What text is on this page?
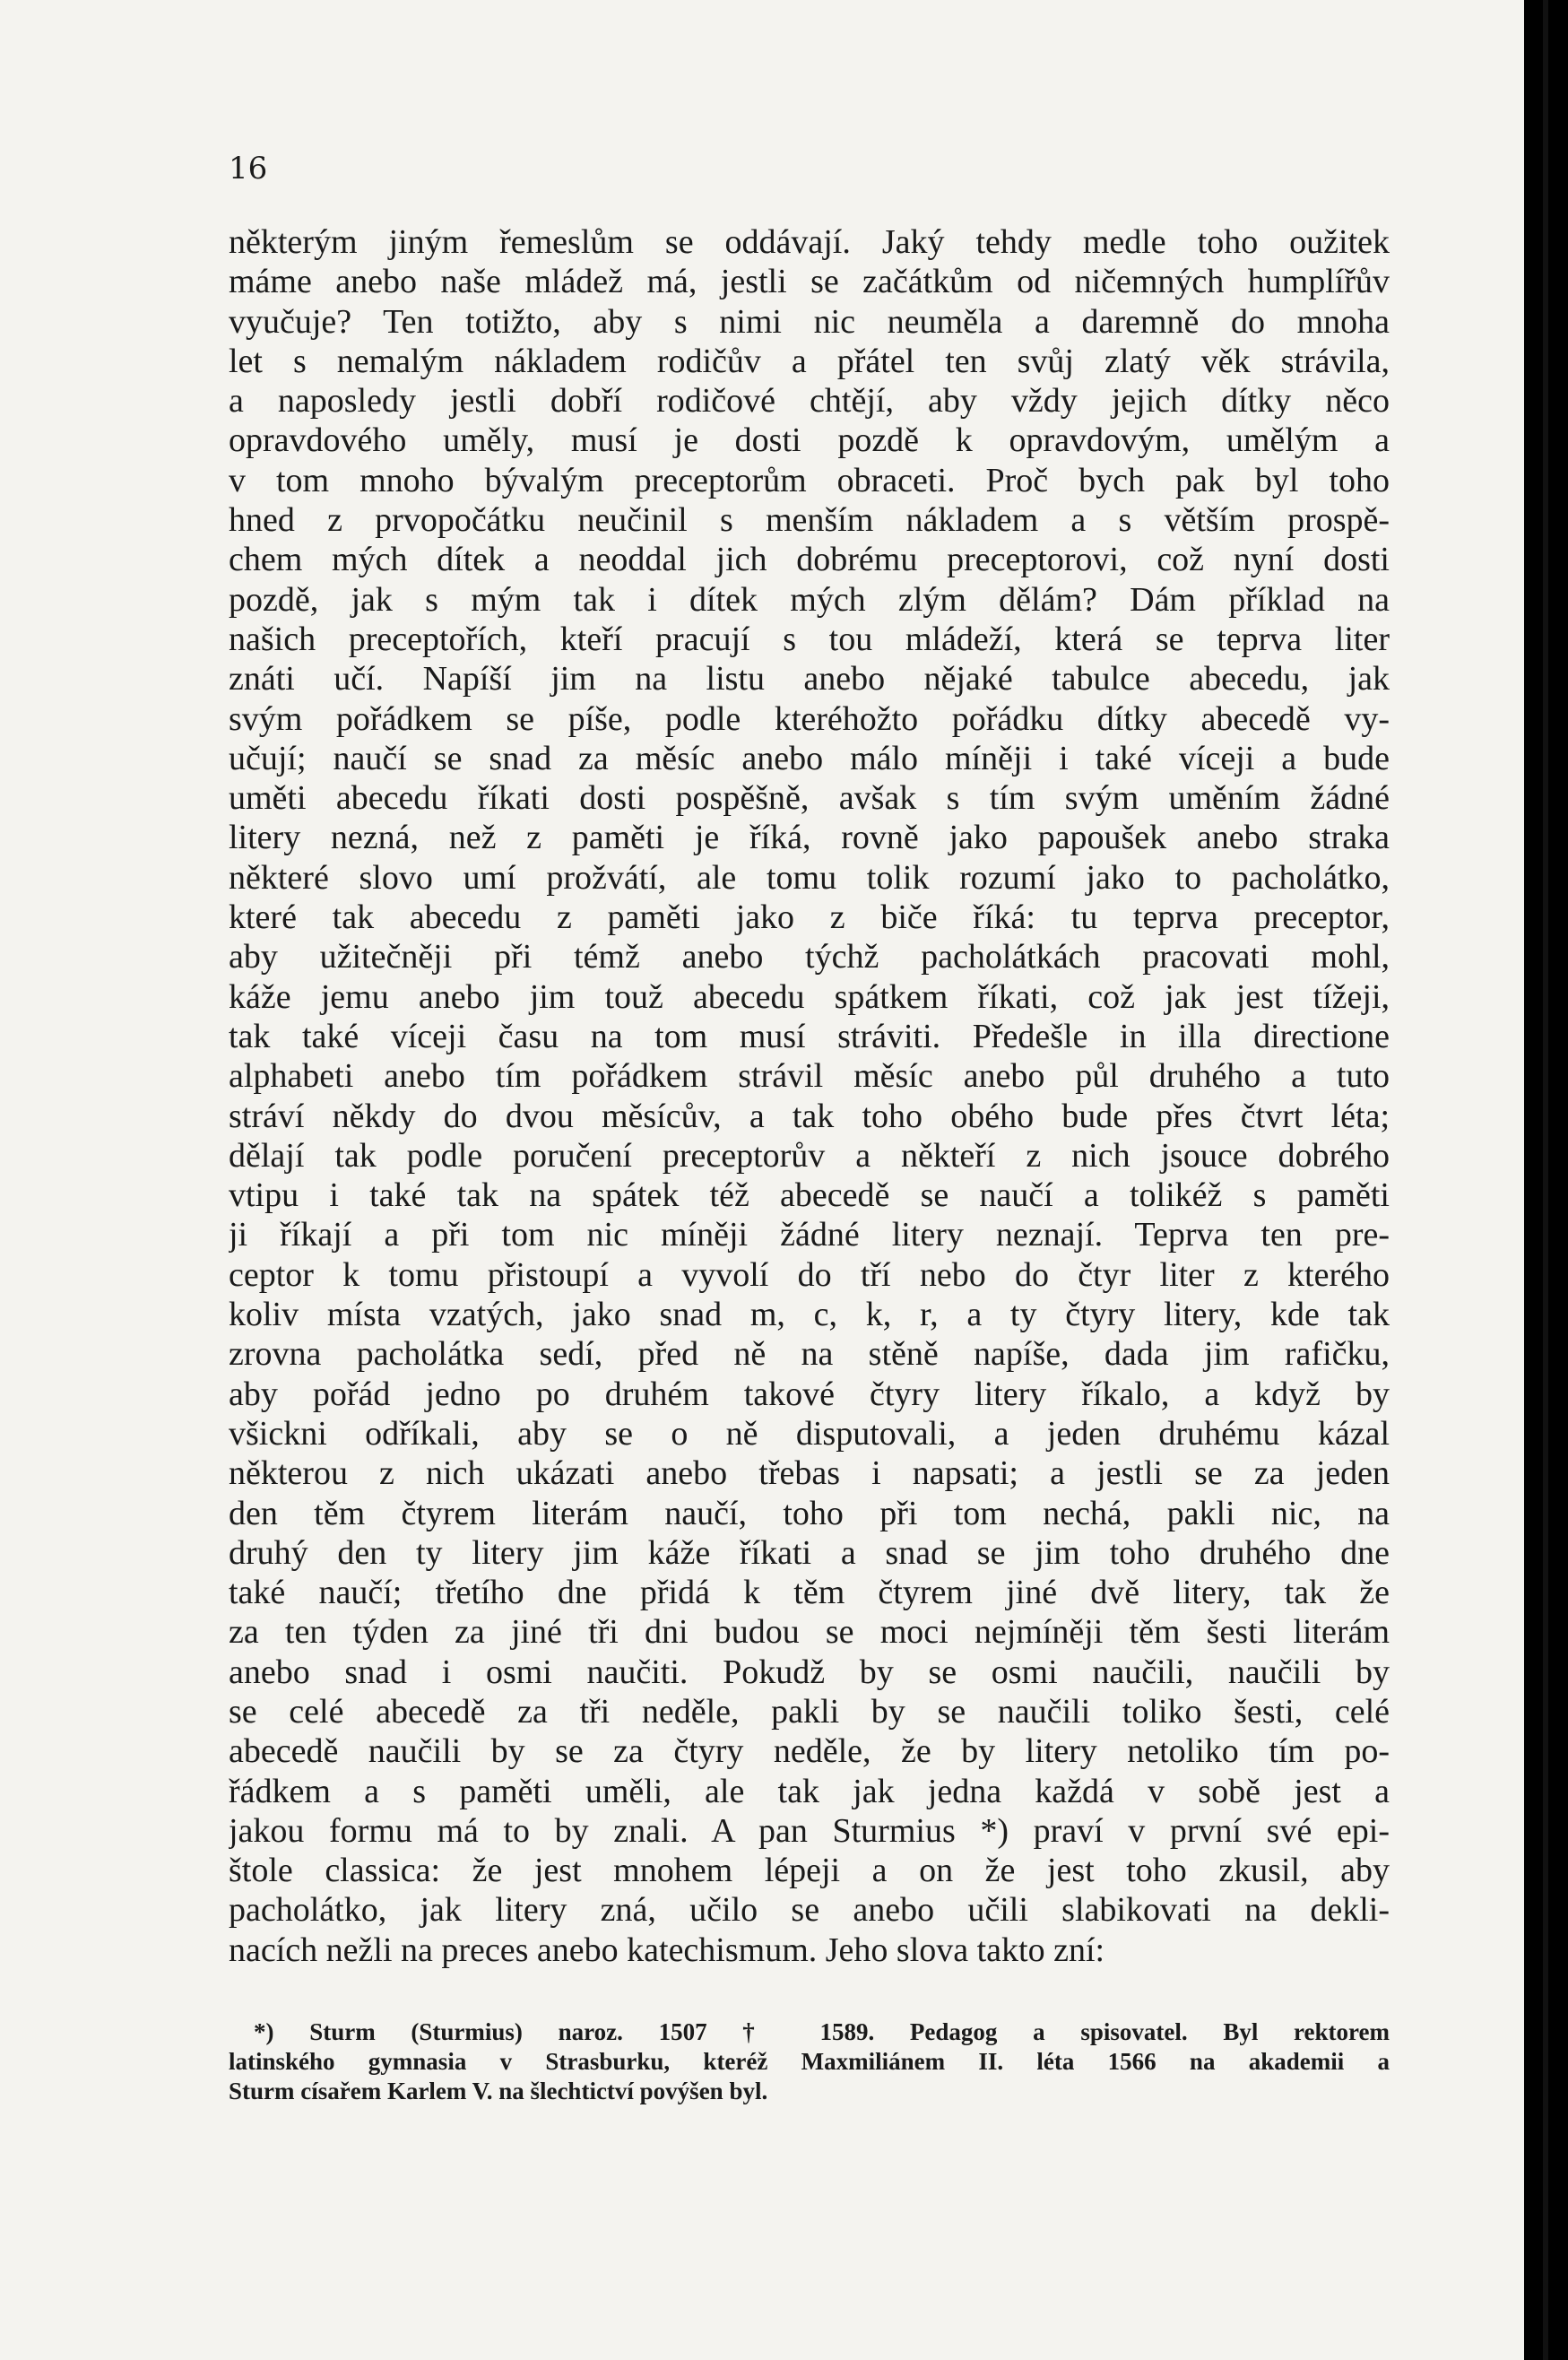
16
některým jiným řemeslům se oddávají. Jaký tehdy medle toho oužitek
máme anebo naše mládež má, jestli se začátkům od ničemných humplířův
vyučuje? Ten totižto, aby s nimi nic neuměla a daremně do mnoha
let s nemalým nákladem rodičův a přátel ten svůj zlatý věk strávila,
a naposledy jestli dobří rodičové chtějí, aby vždy jejich dítky něco
opravdového uměly, musí je dosti pozdě k opravdovým, umělým a
v tom mnoho bývalým preceptorům obraceti. Proč bych pak byl toho
hned z prvopočátku neučinil s menším nákladem a s větším prospě-
chem mých dítek a neoddal jich dobrému preceptorovi, což nyní dosti
pozdě, jak s mým tak i dítek mých zlým dělám? Dám příklad na
našich preceptořích, kteří pracují s tou mládeží, která se teprva liter
znáti učí. Napíší jim na listu anebo nějaké tabulce abecedu, jak
svým pořádkem se píše, podle kteréhožto pořádku dítky abecedě vy-
učují; naučí se snad za měsíc anebo málo míněji i také víceji a bude
uměti abecedu říkati dosti pospěšně, avšak s tím svým uměním žádné
litery nezná, než z paměti je říká, rovně jako papoušek anebo straka
některé slovo umí prožvátí, ale tomu tolik rozumí jako to pacholátko,
které tak abecedu z paměti jako z biče říká: tu teprva preceptor,
aby užitečněji při témž anebo týchž pacholátkách pracovati mohl,
káže jemu anebo jim touž abecedu spátkem říkati, což jak jest tížeji,
tak také víceji času na tom musí stráviti. Předešle in illa directione
alphabeti anebo tím pořádkem strávil měsíc anebo půl druhého a tuto
stráví někdy do dvou měsícův, a tak toho obého bude přes čtvrt léta;
dělají tak podle poručení preceptorův a někteří z nich jsouce dobrého
vtipu i také tak na spátek též abecedě se naučí a tolikéž s paměti
ji říkají a při tom nic míněji žádné litery neznají. Teprva ten pre-
ceptor k tomu přistoupí a vyvolí do tří nebo do čtyr liter z kterého
koliv místa vzatých, jako snad m, c, k, r, a ty čtyry litery, kde tak
zrovna pacholátka sedí, před ně na stěně napíše, dada jim rafičku,
aby pořád jedno po druhém takové čtyry litery říkalo, a když by
všickni odříkali, aby se o ně disputovali, a jeden druhému kázal
některou z nich ukázati anebo třebas i napsati; a jestli se za jeden
den těm čtyrem literám naučí, toho při tom nechá, pakli nic, na
druhý den ty litery jim káže říkati a snad se jim toho druhého dne
také naučí; třetího dne přidá k těm čtyrem jiné dvě litery, tak že
za ten týden za jiné tři dni budou se moci nejmíněji těm šesti literám
anebo snad i osmi naučiti. Pokudž by se osmi naučili, naučili by
se celé abecedě za tři neděle, pakli by se naučili toliko šesti, celé
abecedě naučili by se za čtyry neděle, že by litery netoliko tím po-
řádkem a s paměti uměli, ale tak jak jedna každá v sobě jest a
jakou formu má to by znali. A pan Sturmius *) praví v první své epi-
štole classica: že jest mnohem lépeji a on že jest toho zkusil, aby
pacholátko, jak litery zná, učilo se anebo učili slabikovati na dekli-
nacích nežli na preces anebo katechismum. Jeho slova takto zní:
*) Sturm (Sturmius) naroz. 1507 † 1589. Pedagog a spisovatel. Byl rektorem
latinského gymnasia v Strasburku, kteréž Maxmiliánem II. léta 1566 na akademii a
Sturm císařem Karlem V. na šlechtictví povýšen byl.
